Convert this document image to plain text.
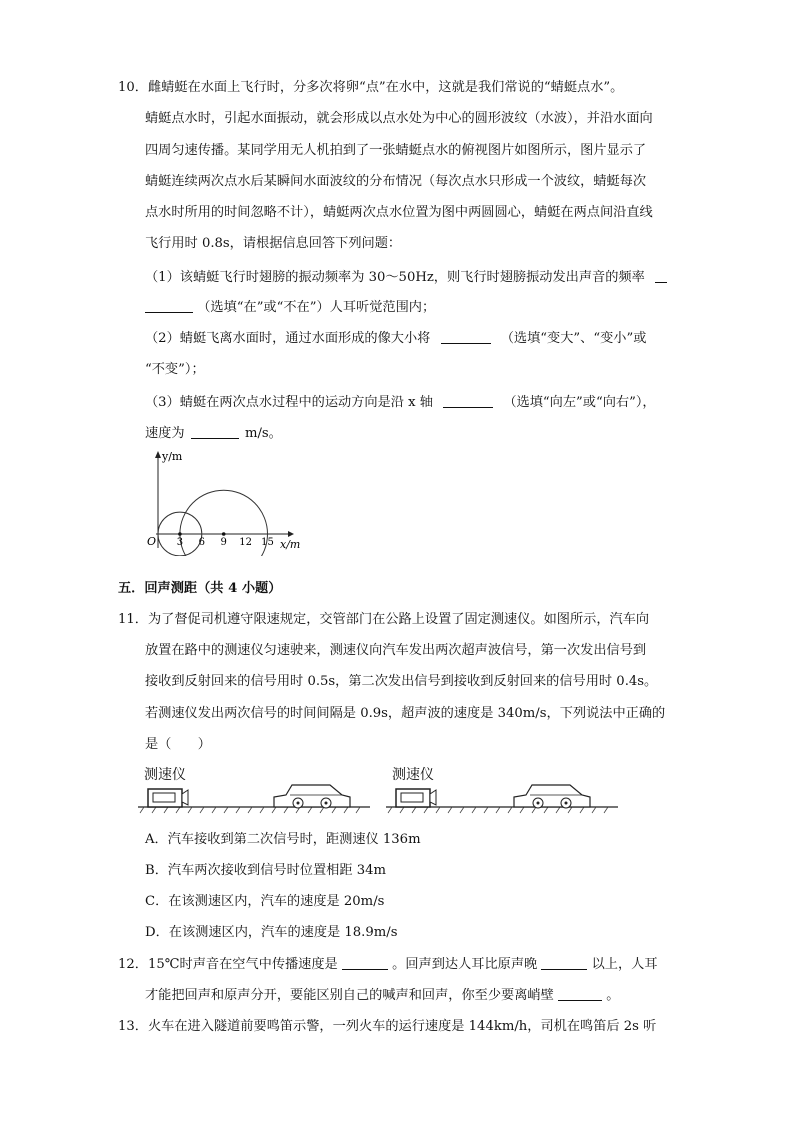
10．雌蜻蜓在水面上飞行时，分多次将卵“点”在水中，这就是我们常说的“蜻蜓点水”。
蜻蜓点水时，引起水面振动，就会形成以点水处为中心的圆形波纹（水波），并沿水面向
四周匀速传播。某同学用无人机拍到了一张蜻蜓点水的俯视图片如图所示，图片显示了
蜻蜓连续两次点水后某瞬间水面波纹的分布情况（每次点水只形成一个波纹，蜻蜓每次
点水时所用的时间忽略不计），蜻蜓两次点水位置为图中两圆圆心，蜻蜓在两点间沿直线
飞行用时 0.8s，请根据信息回答下列问题：
（1）该蜻蜓飞行时翅膀的振动频率为 30～50Hz，则飞行时翅膀振动发出声音的频率
（选填“在”或“不在”）人耳听觉范围内；
（2）蜻蜓飞离水面时，通过水面形成的像大小将	（选填“变大”、“变小”或
“不变”）；
（3）蜻蜓在两次点水过程中的运动方向是沿 x 轴	（选填“向左”或“向右”），
速度为	m/s。
y/m
x/m
O 3 6 9 12 15
五．回声测距（共 4 小题）
11．为了督促司机遵守限速规定，交管部门在公路上设置了固定测速仪。如图所示，汽车向
放置在路中的测速仪匀速驶来，测速仪向汽车发出两次超声波信号，第一次发出信号到
接收到反射回来的信号用时 0.5s，第二次发出信号到接收到反射回来的信号用时 0.4s。
若测速仪发出两次信号的时间间隔是 0.9s，超声波的速度是 340m/s，下列说法中正确的
是（　　）
测速仪	测速仪
A．汽车接收到第二次信号时，距测速仪 136m
B．汽车两次接收到信号时位置相距 34m
C．在该测速区内，汽车的速度是 20m/s
D．在该测速区内，汽车的速度是 18.9m/s
12．15℃时声音在空气中传播速度是	。回声到达人耳比原声晚	以上，人耳
才能把回声和原声分开，要能区别自己的喊声和回声，你至少要离峭壁	。
13．火车在进入隧道前要鸣笛示警，一列火车的运行速度是 144km/h，司机在鸣笛后 2s 听
